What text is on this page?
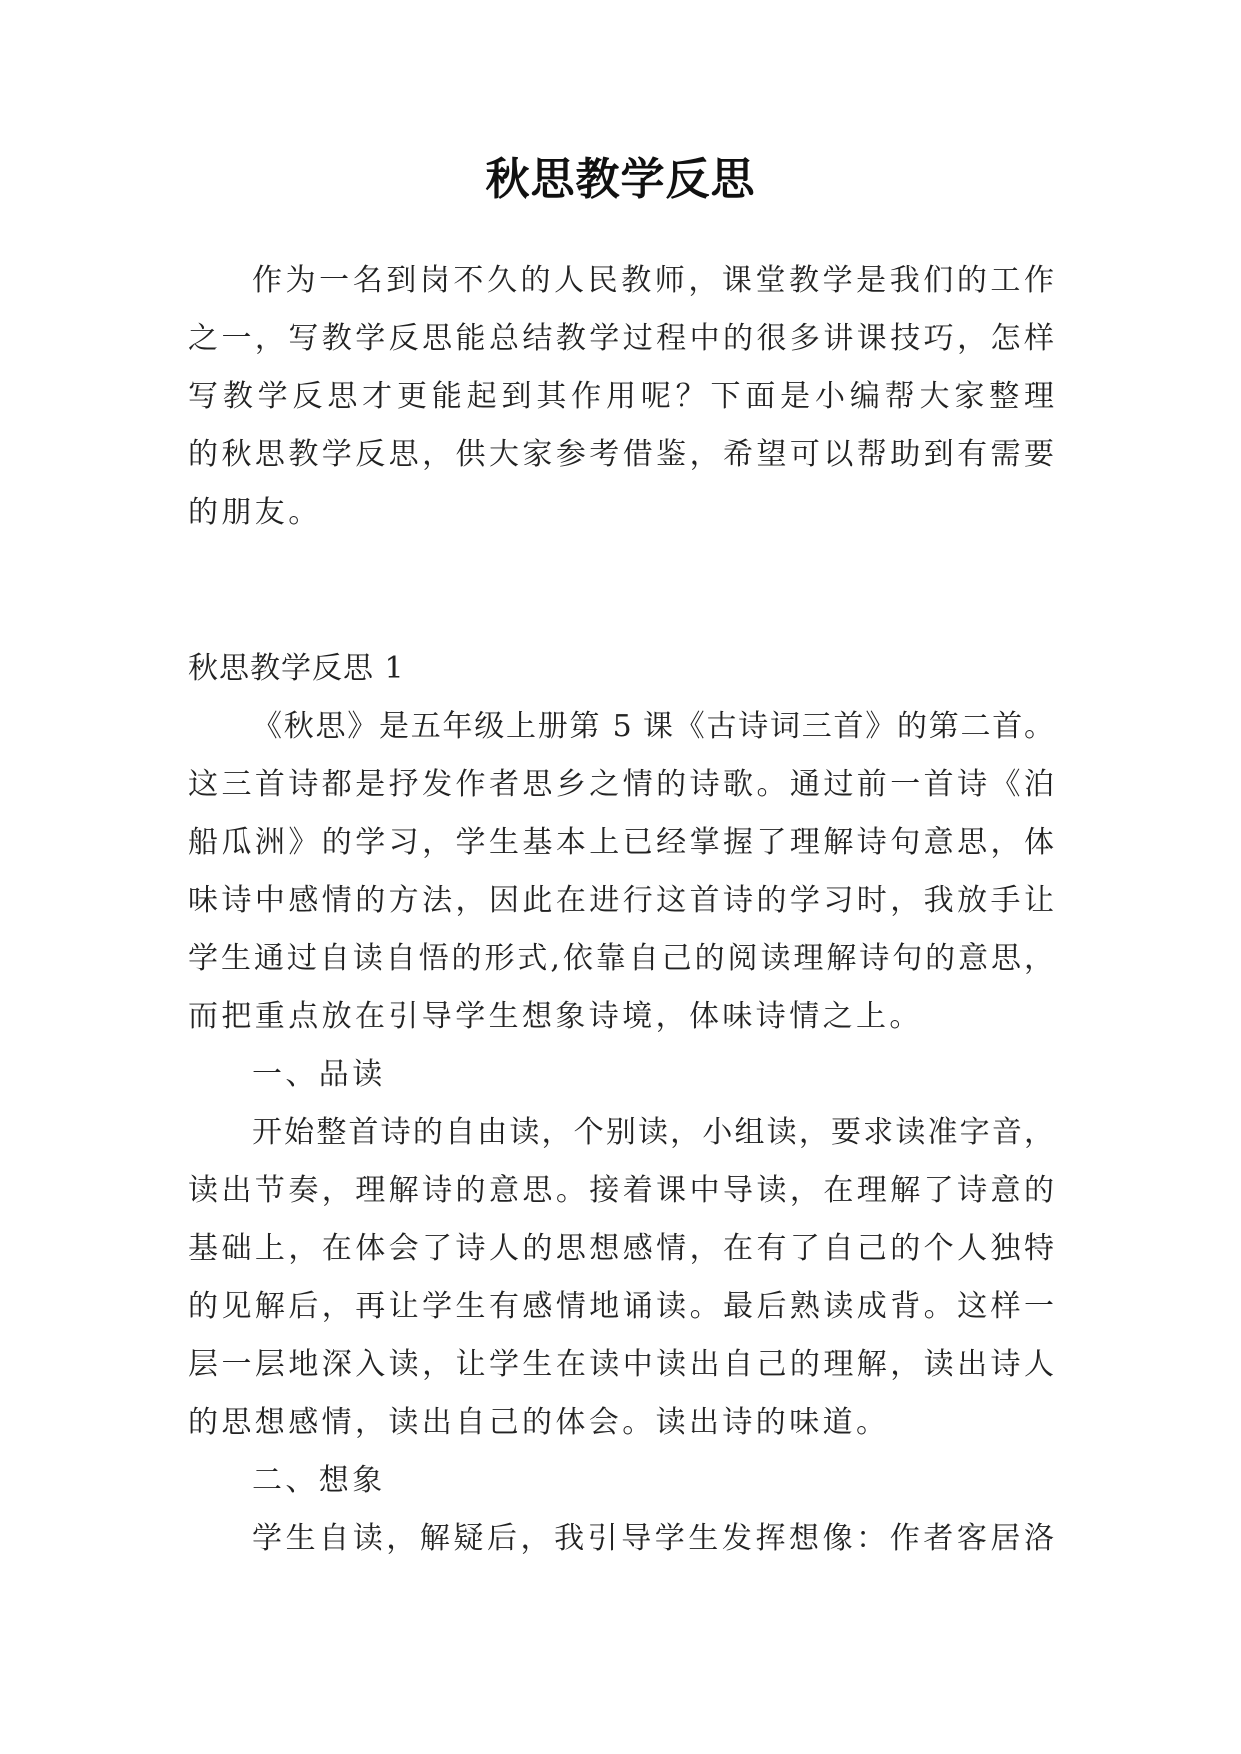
秋思教学反思
作为一名到岗不久的人民教师，课堂教学是我们的工作
之一，写教学反思能总结教学过程中的很多讲课技巧，怎样
写教学反思才更能起到其作用呢？下面是小编帮大家整理
的秋思教学反思，供大家参考借鉴，希望可以帮助到有需要
的朋友。
秋思教学反思 1
《秋思》是五年级上册第 5 课《古诗词三首》的第二首。
这三首诗都是抒发作者思乡之情的诗歌。通过前一首诗《泊
船瓜洲》的学习，学生基本上已经掌握了理解诗句意思，体
味诗中感情的方法，因此在进行这首诗的学习时，我放手让
学生通过自读自悟的形式,依靠自己的阅读理解诗句的意思，
而把重点放在引导学生想象诗境，体味诗情之上。
一、品读
开始整首诗的自由读，个别读，小组读，要求读准字音，
读出节奏，理解诗的意思。接着课中导读，在理解了诗意的
基础上，在体会了诗人的思想感情，在有了自己的个人独特
的见解后，再让学生有感情地诵读。最后熟读成背。这样一
层一层地深入读，让学生在读中读出自己的理解，读出诗人
的思想感情，读出自己的体会。读出诗的味道。
二、想象
学生自读，解疑后，我引导学生发挥想像：作者客居洛
